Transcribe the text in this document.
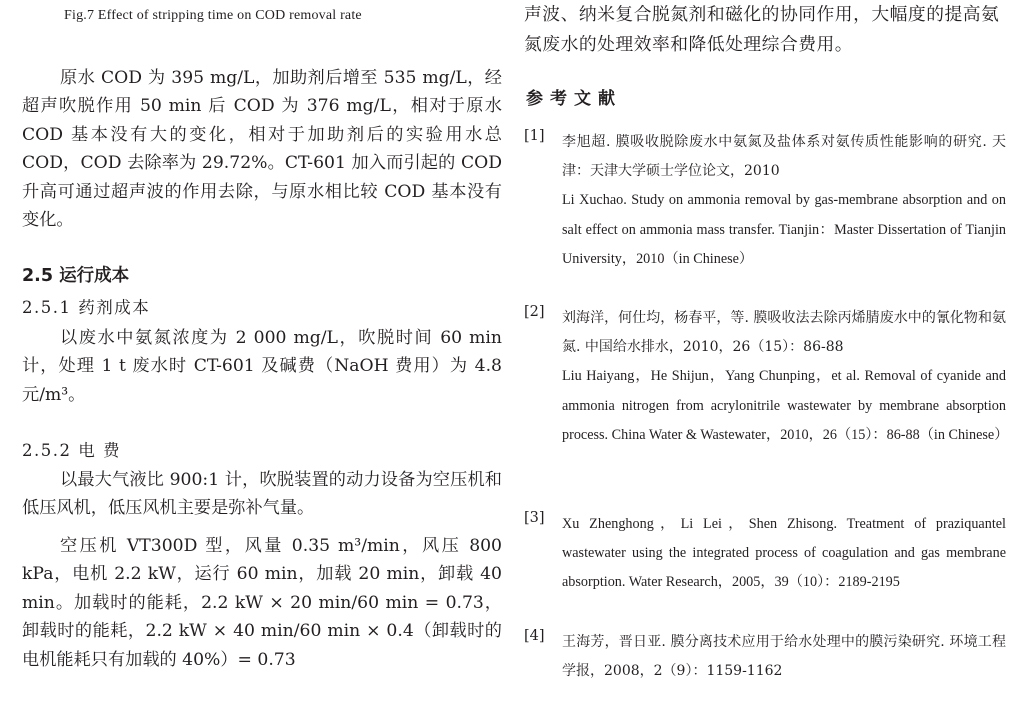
Fig.7 Effect of stripping time on COD removal rate

原水 COD 为 395 mg/L，加助剂后增至 535 mg/L，经超声吹脱作用 50 min 后 COD 为 376 mg/L，相对于原水 COD 基本没有大的变化，相对于加助剂后的实验用水总 COD，COD 去除率为 29.72%。CT-601 加入而引起的 COD 升高可通过超声波的作用去除，与原水相比较 COD 基本没有变化。

2.5 运行成本
2.5.1 药剂成本

以废水中氨氮浓度为 2 000 mg/L，吹脱时间 60 min 计，处理 1 t 废水时 CT-601 及碱费（NaOH 费用）为 4.8 元/m³。

2.5.2 电 费

以最大气液比 900:1 计，吹脱装置的动力设备为空压机和低压风机，低压风机主要是弥补气量。

空压机 VT300D 型，风量 0.35 m³/min，风压 800 kPa，电机 2.2 kW，运行 60 min，加载 20 min，卸载 40 min。加载时的能耗，2.2 kW × 20 min/60 min = 0.73，卸载时的能耗，2.2 kW × 40 min/60 min × 0.4（卸载时的电机能耗只有加载的 40%）= 0.73

声波、纳米复合脱氮剂和磁化的协同作用，大幅度的提高氨氮废水的处理效率和降低处理综合费用。

参考文献
[1] 李旭超. 膜吸收脱除废水中氨氮及盐体系对氨传质性能影响的研究. 天津：天津大学硕士学位论文，2010
Li Xuchao. Study on ammonia removal by gas-membrane absorption and on salt effect on ammonia mass transfer. Tianjin：Master Dissertation of Tianjin University，2010（in Chinese）
[2] 刘海洋，何仕均，杨春平，等. 膜吸收法去除丙烯腈废水中的氰化物和氨氮. 中国给水排水，2010，26（15）：86-88
Liu Haiyang，He Shijun，Yang Chunping，et al. Removal of cyanide and ammonia nitrogen from acrylonitrile wastewater by membrane absorption process. China Water & Wastewater，2010，26（15）：86-88（in Chinese）
[3] Xu Zhenghong，Li Lei，Shen Zhisong. Treatment of praziquantel wastewater using the integrated process of coagulation and gas membrane absorption. Water Research，2005，39（10）：2189-2195
[4] 王海芳，晋日亚. 膜分离技术应用于给水处理中的膜污染研究. 环境工程学报，2008，2（9）：1159-1162
